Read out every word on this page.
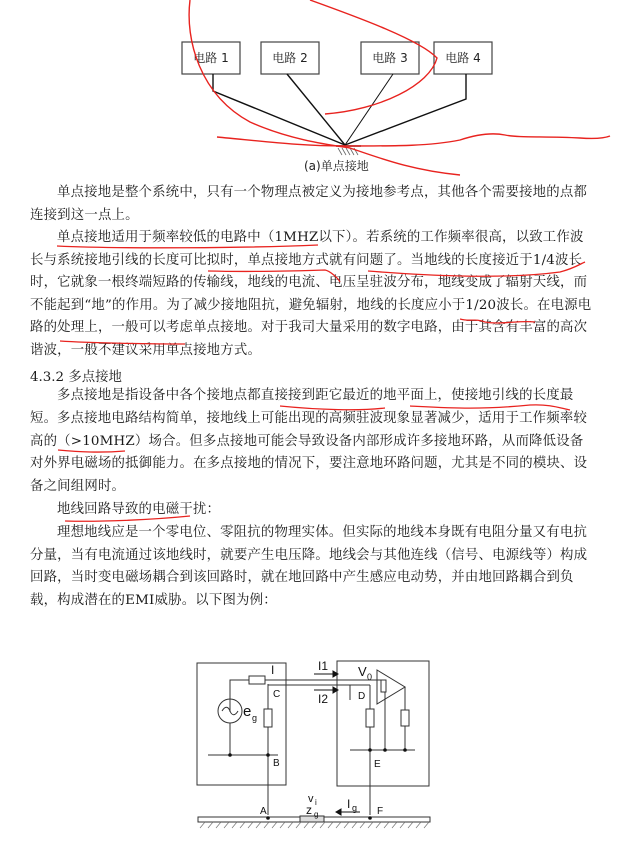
电路 1	电路 2	电路 3	电路 4
(a)单点接地

单点接地是整个系统中，只有一个物理点被定义为接地参考点，其他各个需要接地的点都连接到这一点上。

单点接地适用于频率较低的电路中（1MHZ以下）。若系统的工作频率很高，以致工作波长与系统接地引线的长度可比拟时，单点接地方式就有问题了。当地线的长度接近于1/4波长时，它就象一根终端短路的传输线，地线的电流、电压呈驻波分布，地线变成了辐射天线，而不能起到“地”的作用。为了减少接地阻抗，避免辐射，地线的长度应小于1/20波长。在电源电路的处理上，一般可以考虑单点接地。对于我司大量采用的数字电路，由于其含有丰富的高次谐波，一般不建议采用单点接地方式。

4.3.2 多点接地

多点接地是指设备中各个接地点都直接接到距它最近的地平面上，使接地引线的长度最短。 多点接地电路结构简单，接地线上可能出现的高频驻波现象显著减少，适用于工作频率较高的（>10MHZ）场合。但多点接地可能会导致设备内部形成许多接地环路，从而降低设备对外界电磁场的抵御能力。在多点接地的情况下，要注意地环路问题，尤其是不同的模块、设备之间组网时。

地线回路导致的电磁干扰：

理想地线应是一个零电位、零阻抗的物理实体。但实际的地线本身既有电阻分量又有电抗分量，当有电流通过该地线时，就要产生电压降。地线会与其他连线（信号、电源线等）构成回路，当时变电磁场耦合到该回路时，就在地回路中产生感应电动势，并由地回路耦合到负载，构成潜在的EMI威胁。以下图为例：

I	I1
I2
V 0
e g
C	D
B	E
A	F
v i
z g
I g
